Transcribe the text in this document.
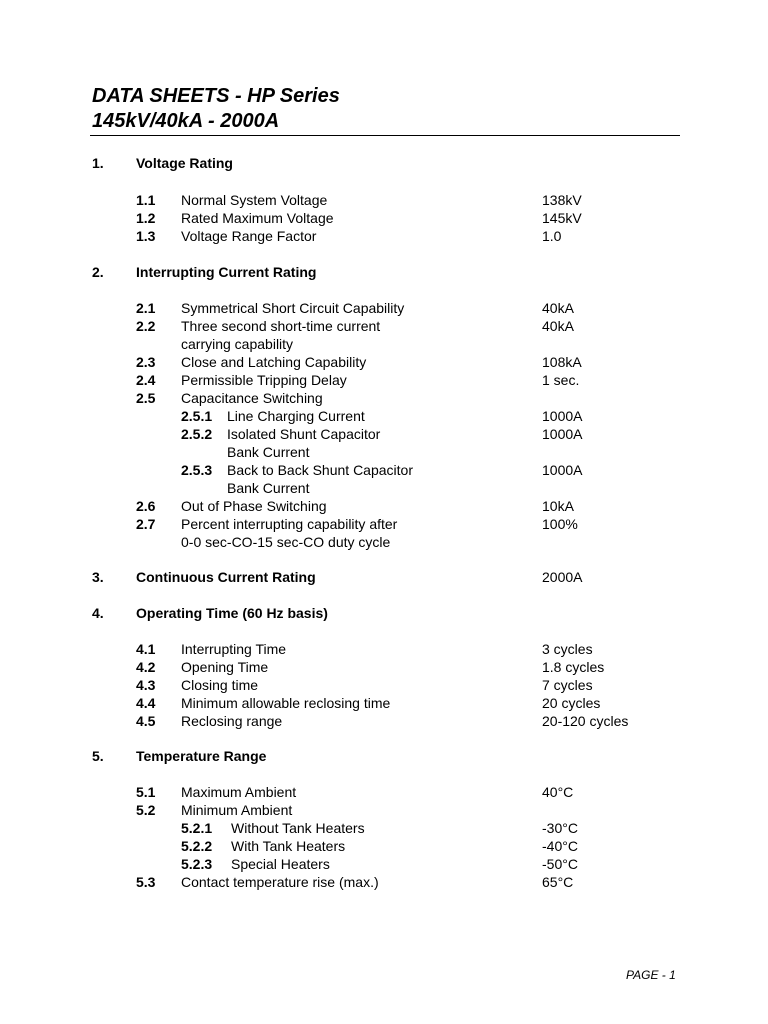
DATA SHEETS - HP Series
145kV/40kA - 2000A
1. Voltage Rating
1.1 Normal System Voltage	138kV
1.2 Rated Maximum Voltage	145kV
1.3 Voltage Range Factor	1.0
2. Interrupting Current Rating
2.1 Symmetrical Short Circuit Capability	40kA
2.2 Three second short-time current	40kA
carrying capability
2.3 Close and Latching Capability	108kA
2.4 Permissible Tripping Delay	1 sec.
2.5 Capacitance Switching
2.5.1 Line Charging Current	1000A
2.5.2 Isolated Shunt Capacitor	1000A
Bank Current
2.5.3 Back to Back Shunt Capacitor	1000A
Bank Current
2.6 Out of Phase Switching	10kA
2.7 Percent interrupting capability after	100%
0-0 sec-CO-15 sec-CO duty cycle
3. Continuous Current Rating	2000A
4. Operating Time (60 Hz basis)
4.1 Interrupting Time	3 cycles
4.2 Opening Time	1.8 cycles
4.3 Closing time	7 cycles
4.4 Minimum allowable reclosing time	20 cycles
4.5 Reclosing range	20-120 cycles
5. Temperature Range
5.1 Maximum Ambient	40°C
5.2 Minimum Ambient
5.2.1 Without Tank Heaters	-30°C
5.2.2 With Tank Heaters	-40°C
5.2.3 Special Heaters	-50°C
5.3 Contact temperature rise (max.)	65°C
PAGE - 1
